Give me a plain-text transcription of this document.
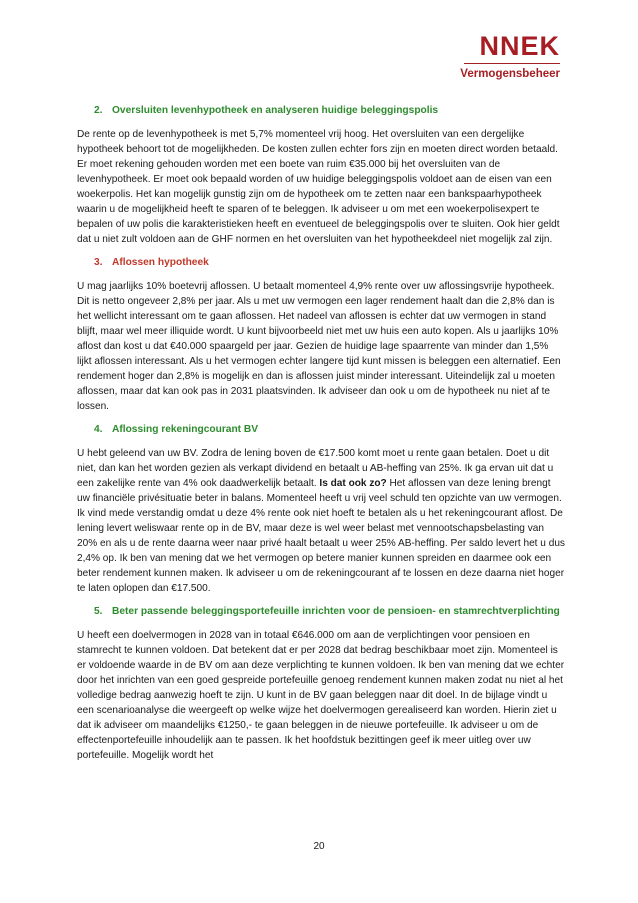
NNEK
Vermogensbeheer
2. Oversluiten levenhypotheek en analyseren huidige beleggingspolis

De rente op de levenhypotheek is met 5,7% momenteel vrij hoog. Het oversluiten van een dergelijke hypotheek behoort tot de mogelijkheden. De kosten zullen echter fors zijn en moeten direct worden betaald. Er moet rekening gehouden worden met een boete van ruim €35.000 bij het oversluiten van de levenhypotheek. Er moet ook bepaald worden of uw huidige beleggingspolis voldoet aan de eisen van een woekerpolis. Het kan mogelijk gunstig zijn om de hypotheek om te zetten naar een bankspaarhypotheek waarin u de mogelijkheid heeft te sparen of te beleggen. Ik adviseer u om met een woekerpolisexpert te bepalen of uw polis die karakteristieken heeft en eventueel de beleggingspolis over te sluiten. Ook hier geldt dat u niet zult voldoen aan de GHF normen en het oversluiten van het hypotheekdeel niet mogelijk zal zijn.

3. Aflossen hypotheek

U mag jaarlijks 10% boetevrij aflossen. U betaalt momenteel 4,9% rente over uw aflossingsvrije hypotheek. Dit is netto ongeveer 2,8% per jaar. Als u met uw vermogen een lager rendement haalt dan die 2,8% dan is het wellicht interessant om te gaan aflossen. Het nadeel van aflossen is echter dat uw vermogen in stand blijft, maar wel meer illiquide wordt. U kunt bijvoorbeeld niet met uw huis een auto kopen. Als u jaarlijks 10% aflost dan kost u dat €40.000 spaargeld per jaar. Gezien de huidige lage spaarrente van minder dan 1,5% lijkt aflossen interessant. Als u het vermogen echter langere tijd kunt missen is beleggen een alternatief. Een rendement hoger dan 2,8% is mogelijk en dan is aflossen juist minder interessant. Uiteindelijk zal u moeten aflossen, maar dat kan ook pas in 2031 plaatsvinden. Ik adviseer dan ook u om de hypotheek nu niet af te lossen.

4. Aflossing rekeningcourant BV

U hebt geleend van uw BV. Zodra de lening boven de €17.500 komt moet u rente gaan betalen. Doet u dit niet, dan kan het worden gezien als verkapt dividend en betaalt u AB-heffing van 25%. Ik ga ervan uit dat u een zakelijke rente van 4% ook daadwerkelijk betaalt. Is dat ook zo? Het aflossen van deze lening brengt uw financiële privésituatie beter in balans. Momenteel heeft u vrij veel schuld ten opzichte van uw vermogen. Ik vind mede verstandig omdat u deze 4% rente ook niet hoeft te betalen als u het rekeningcourant aflost. De lening levert weliswaar rente op in de BV, maar deze is wel weer belast met vennootschapsbelasting van 20% en als u de rente daarna weer naar privé haalt betaalt u weer 25% AB-heffing. Per saldo levert het u dus 2,4% op. Ik ben van mening dat we het vermogen op betere manier kunnen spreiden en daarmee ook een beter rendement kunnen maken. Ik adviseer u om de rekeningcourant af te lossen en deze daarna niet hoger te laten oplopen dan €17.500.

5. Beter passende beleggingsportefeuille inrichten voor de pensioen- en stamrechtverplichting

U heeft een doelvermogen in 2028 van in totaal €646.000 om aan de verplichtingen voor pensioen en stamrecht te kunnen voldoen. Dat betekent dat er per 2028 dat bedrag beschikbaar moet zijn. Momenteel is er voldoende waarde in de BV om aan deze verplichting te kunnen voldoen. Ik ben van mening dat we echter door het inrichten van een goed gespreide portefeuille genoeg rendement kunnen maken zodat nu niet al het volledige bedrag aanwezig hoeft te zijn. U kunt in de BV gaan beleggen naar dit doel. In de bijlage vindt u een scenarioanalyse die weergeeft op welke wijze het doelvermogen gerealiseerd kan worden. Hierin ziet u dat ik adviseer om maandelijks €1250,- te gaan beleggen in de nieuwe portefeuille. Ik adviseer u om de effectenportefeuille inhoudelijk aan te passen. Ik het hoofdstuk bezittingen geef ik meer uitleg over uw portefeuille. Mogelijk wordt het

20
